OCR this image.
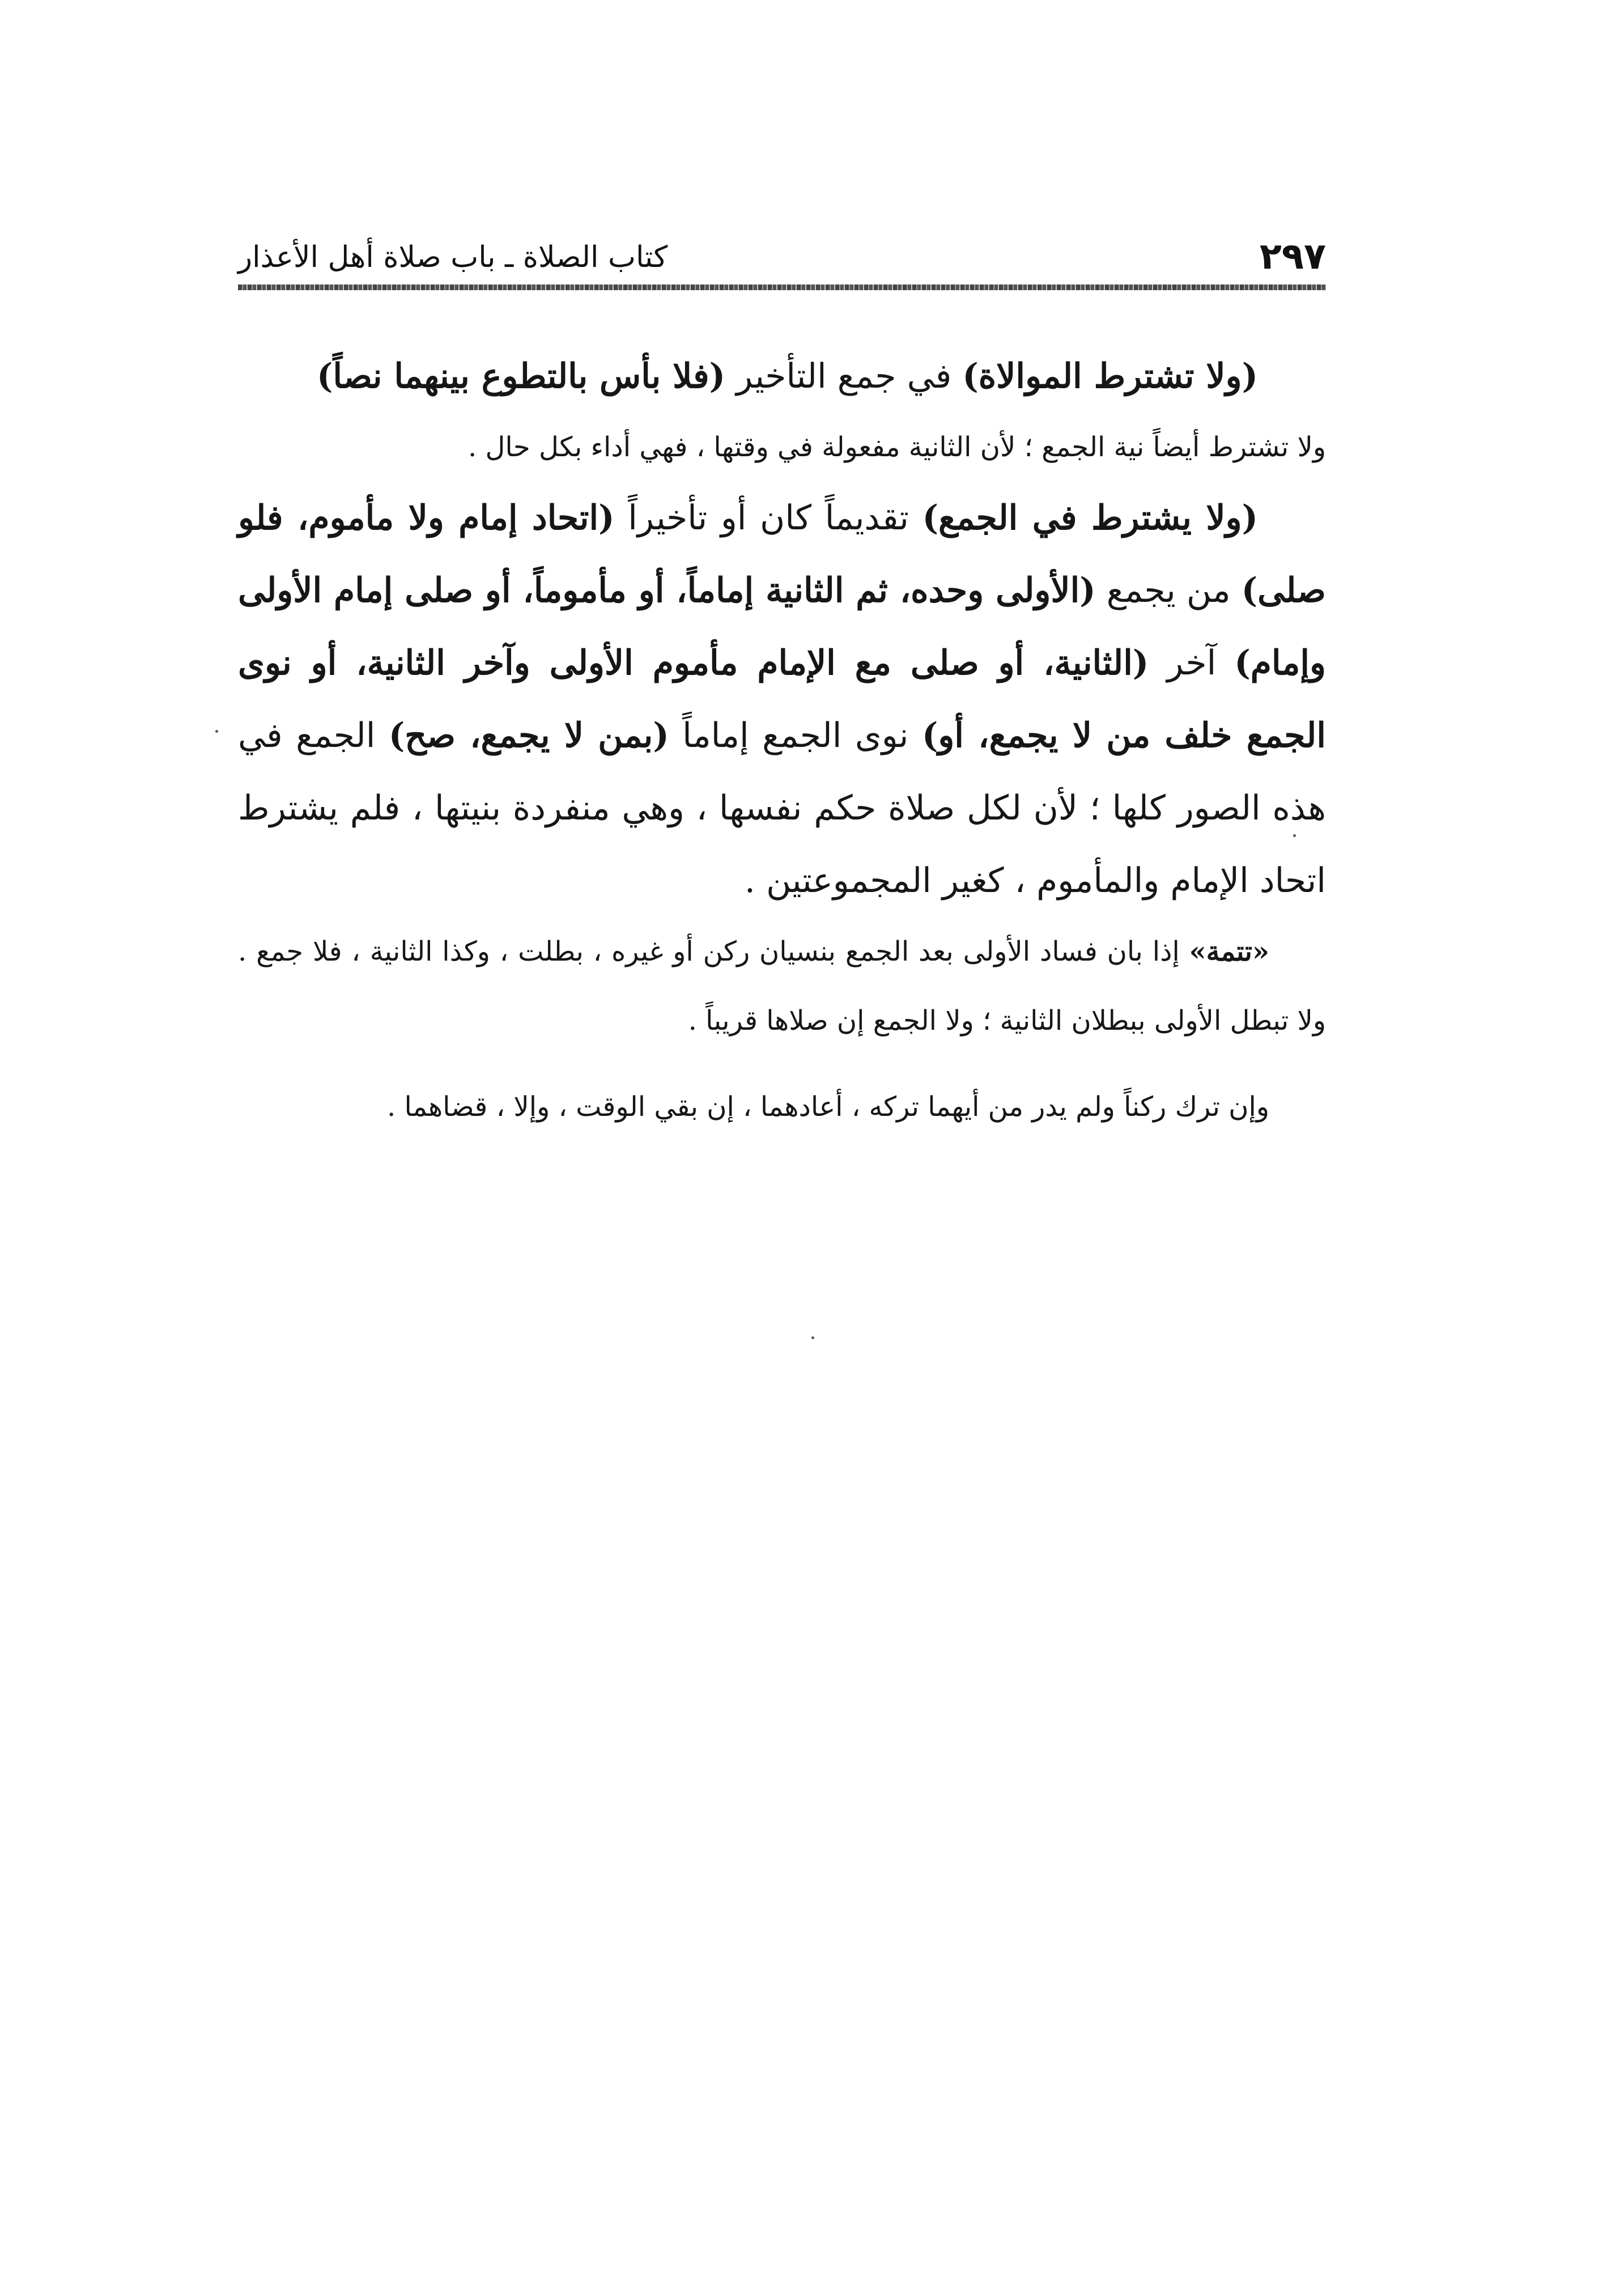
٢٩٧
كتاب الصلاة ـ باب صلاة أهل الأعذار

(ولا تشترط الموالاة) في جمع التأخير (فلا بأس بالتطوع بينهما نصاً)

ولا تشترط أيضاً نية الجمع ؛ لأن الثانية مفعولة في وقتها ، فهي أداء بكل حال .

(ولا يشترط في الجمع) تقديماً كان أو تأخيراً (اتحاد إمام ولا مأموم، فلو صلى) من يجمع (الأولى وحده، ثم الثانية إماماً، أو مأموماً، أو صلى إمام الأولى وإمام) آخر (الثانية، أو صلى مع الإمام مأموم الأولى وآخر الثانية، أو نوى الجمع خلف من لا يجمع، أو) نوى الجمع إماماً (بمن لا يجمع، صح) الجمع في هذه الصور كلها ؛ لأن لكل صلاة حكم نفسها ، وهي منفردة بنيتها ، فلم يشترط اتحاد الإمام والمأموم ، كغير المجموعتين .

«تتمة» إذا بان فساد الأولى بعد الجمع بنسيان ركن أو غيره ، بطلت ، وكذا الثانية ، فلا جمع . ولا تبطل الأولى ببطلان الثانية ؛ ولا الجمع إن صلاها قريباً .

وإن ترك ركناً ولم يدر من أيهما تركه ، أعادهما ، إن بقي الوقت ، وإلا ، قضاهما .
